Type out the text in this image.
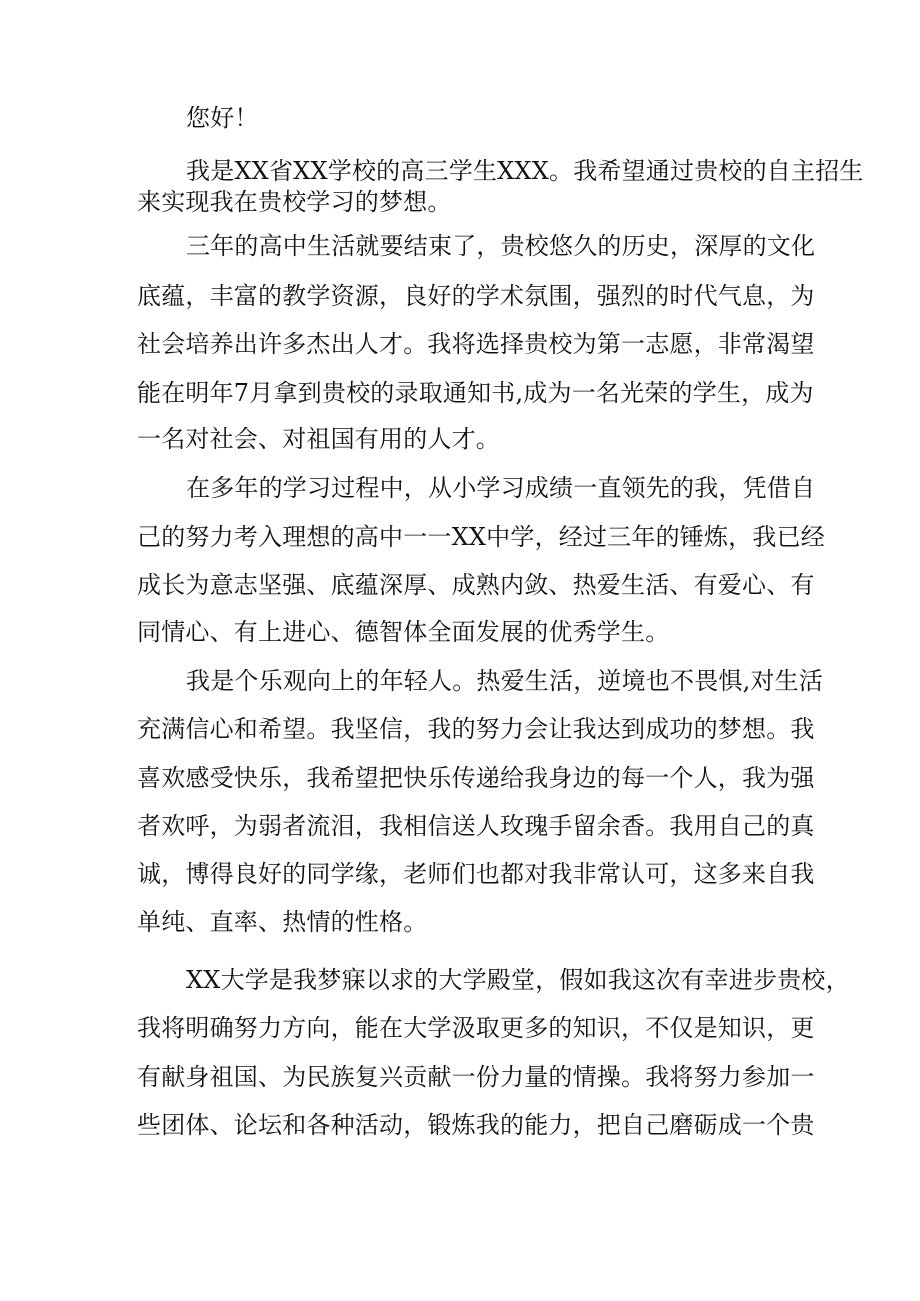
您好！
我是XX省XX学校的高三学生XXX。我希望通过贵校的自主招生
来实现我在贵校学习的梦想。
三年的高中生活就要结束了，贵校悠久的历史，深厚的文化
底蕴，丰富的教学资源，良好的学术氛围，强烈的时代气息，为
社会培养出许多杰出人才。我将选择贵校为第一志愿，非常渴望
能在明年7月拿到贵校的录取通知书,成为一名光荣的学生，成为
一名对社会、对祖国有用的人才。
在多年的学习过程中，从小学习成绩一直领先的我，凭借自
己的努力考入理想的高中一一XX中学，经过三年的锤炼，我已经
成长为意志坚强、底蕴深厚、成熟内敛、热爱生活、有爱心、有
同情心、有上进心、德智体全面发展的优秀学生。
我是个乐观向上的年轻人。热爱生活，逆境也不畏惧,对生活
充满信心和希望。我坚信，我的努力会让我达到成功的梦想。我
喜欢感受快乐，我希望把快乐传递给我身边的每一个人，我为强
者欢呼，为弱者流泪，我相信送人玫瑰手留余香。我用自己的真
诚，博得良好的同学缘，老师们也都对我非常认可，这多来自我
单纯、直率、热情的性格。
XX大学是我梦寐以求的大学殿堂，假如我这次有幸进步贵校，
我将明确努力方向，能在大学汲取更多的知识，不仅是知识，更
有献身祖国、为民族复兴贡献一份力量的情操。我将努力参加一
些团体、论坛和各种活动，锻炼我的能力，把自己磨砺成一个贵
